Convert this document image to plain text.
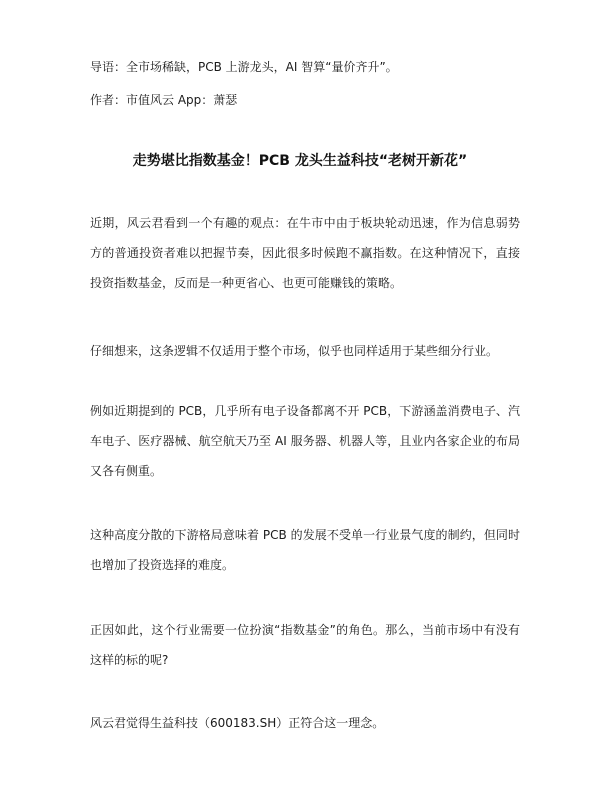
导语：全市场稀缺，PCB 上游龙头，AI 智算“量价齐升”。

作者：市值风云 App：萧瑟

走势堪比指数基金！PCB 龙头生益科技“老树开新花”

近期，风云君看到一个有趣的观点：在牛市中由于板块轮动迅速，作为信息弱势方的普通投资者难以把握节奏，因此很多时候跑不赢指数。在这种情况下，直接投资指数基金，反而是一种更省心、也更可能赚钱的策略。

仔细想来，这条逻辑不仅适用于整个市场，似乎也同样适用于某些细分行业。

例如近期提到的 PCB，几乎所有电子设备都离不开 PCB，下游涵盖消费电子、汽车电子、医疗器械、航空航天乃至 AI 服务器、机器人等，且业内各家企业的布局又各有侧重。

这种高度分散的下游格局意味着 PCB 的发展不受单一行业景气度的制约，但同时也增加了投资选择的难度。

正因如此，这个行业需要一位扮演“指数基金”的角色。那么，当前市场中有没有这样的标的呢?

风云君觉得生益科技（600183.SH）正符合这一理念。
